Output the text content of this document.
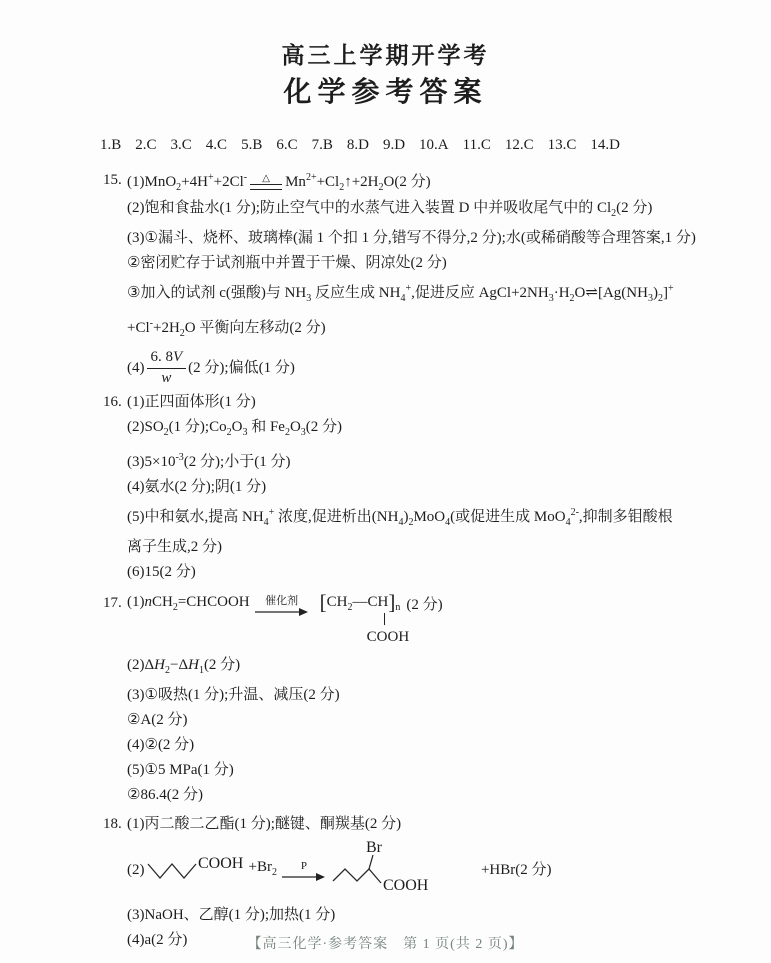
高三上学期开学考
化学参考答案
1.B 2.C 3.C 4.C 5.B 6.C 7.B 8.D 9.D 10.A 11.C 12.C 13.C 14.D
15. (1)MnO$_2$+4H++2Cl- △ $Mn^{2+}+Cl_2↑+2H_2O(2$ 分)
(2)饱和食盐水(1 分);防止空气中的水蒸气进入装置 D 中并吸收尾气中的 $Cl_2(2$ 分)
(3)①漏斗、烧杯、玻璃棒(漏 1 个扣 1 分,错写不得分,2 分);水(或稀硝酸等合理答案,1 分)
②密闭贮存于试剂瓶中并置于干燥、阴凉处(2 分)
③加入的试剂 c(强酸)与 $NH_3$ 反应生成 $NH_4^+$,促进反应 $AgCl+2NH_3\cdot H_2O\rightleftharpoons[Ag(NH_3)_2]^+$
$+Cl^-+2H_2O$ 平衡向左移动(2 分)
$(4) \frac{6. 8V}{w} (2$ 分);偏低(1 分)
16. (1)正四面体形(1 分)
$(2)SO_2(1$ 分)$;Co_2O_3$ 和 $Fe_2O_3(2$ 分)
$(3)5\times 10^{-3}(2$ 分);小于(1 分)
(4)氨水(2 分);阴(1 分)
(5)中和氨水,提高 $NH_4^+$ 浓度,促进析出$(NH_4)_2MoO_4$(或促进生成 MoO$_4^{2-}$,抑制多钼酸根
离子生成,2 分)
(6)15(2 分)
17. (1)nCH$_2$=CHCOOH 催化剂 $[CH_2—CH]_n$
COOH
(2 分)
$(2)\Delta H_2-\Delta H_1(2$ 分)
(3)①吸热(1 分);升温、减压(2 分)
②A(2 分)
(4)②(2 分)
(5)①5 MPa(1 分)
②86.4(2 分)
18. (1)丙二酸二乙酯(1 分);醚键、酮羰基(2 分)
(2)	COOH $+Br_2$
P
Br
COOH
+HBr(2 分)
(3)NaOH、乙醇(1 分);加热(1 分)
(4)a(2 分)	【高三化学·参考答案　第 1 页(共 2 页)】
